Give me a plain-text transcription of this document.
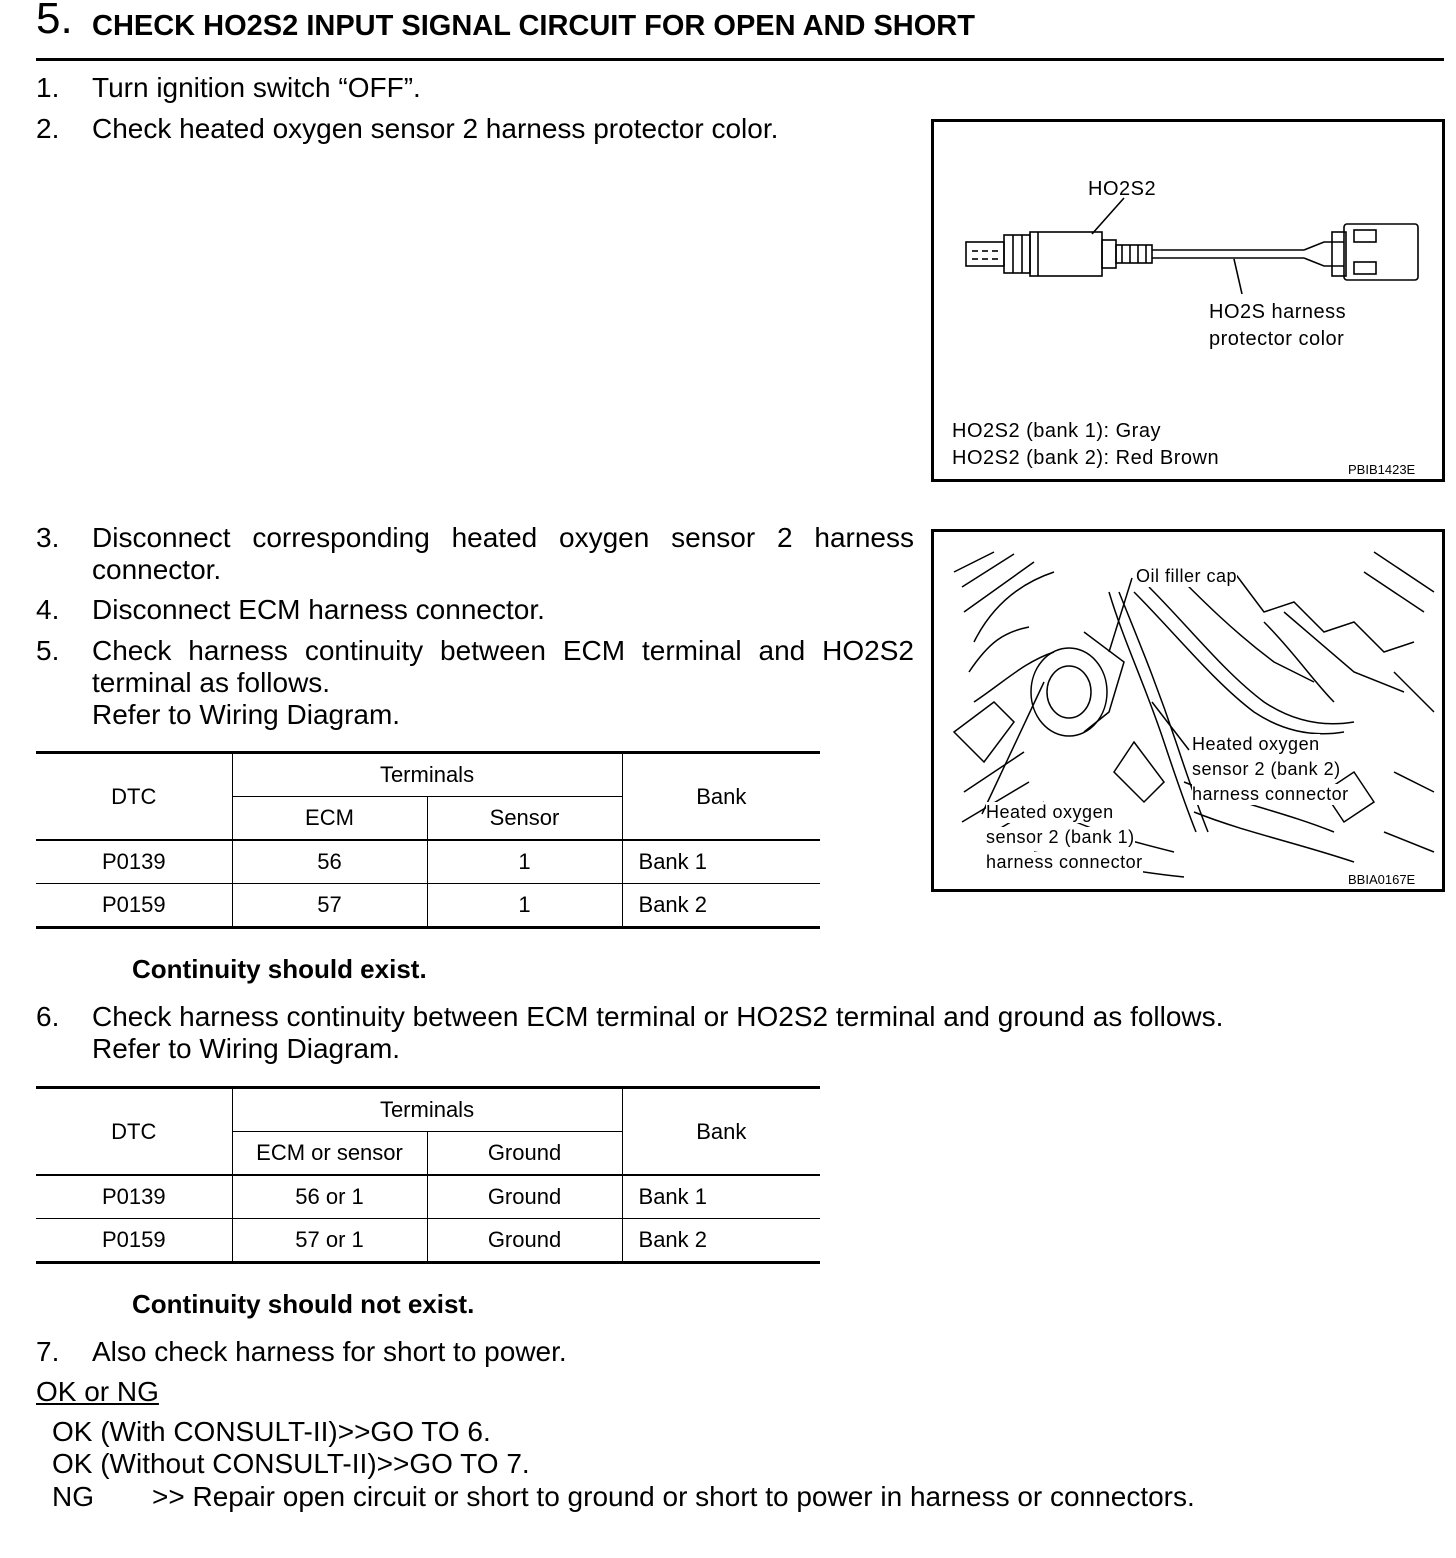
5. CHECK HO2S2 INPUT SIGNAL CIRCUIT FOR OPEN AND SHORT
1. Turn ignition switch “OFF”.
2. Check heated oxygen sensor 2 harness protector color.
HO2S2
HO2S harness
protector color
HO2S2 (bank 1): Gray
HO2S2 (bank 2): Red Brown
PBIB1423E
3. Disconnect corresponding heated oxygen sensor 2 harness
connector.
4. Disconnect ECM harness connector.
5. Check harness continuity between ECM terminal and HO2S2
terminal as follows.
Refer to Wiring Diagram.
Oil filler cap
Heated oxygen
sensor 2 (bank 2)
harness connector
Heated oxygen
sensor 2 (bank 1)
harness connector
BBIA0167E
DTC	Terminals		Bank
	ECM	Sensor	
P0139	56	1	Bank 1
P0159	57	1	Bank 2
Continuity should exist.
6. Check harness continuity between ECM terminal or HO2S2 terminal and ground as follows.
Refer to Wiring Diagram.
DTC	Terminals		Bank
	ECM or sensor	Ground	
P0139	56 or 1	Ground	Bank 1
P0159	57 or 1	Ground	Bank 2
Continuity should not exist.
7. Also check harness for short to power.
OK or NG
OK (With CONSULT-II)>>GO TO 6.
OK (Without CONSULT-II)>>GO TO 7.
NG >> Repair open circuit or short to ground or short to power in harness or connectors.
